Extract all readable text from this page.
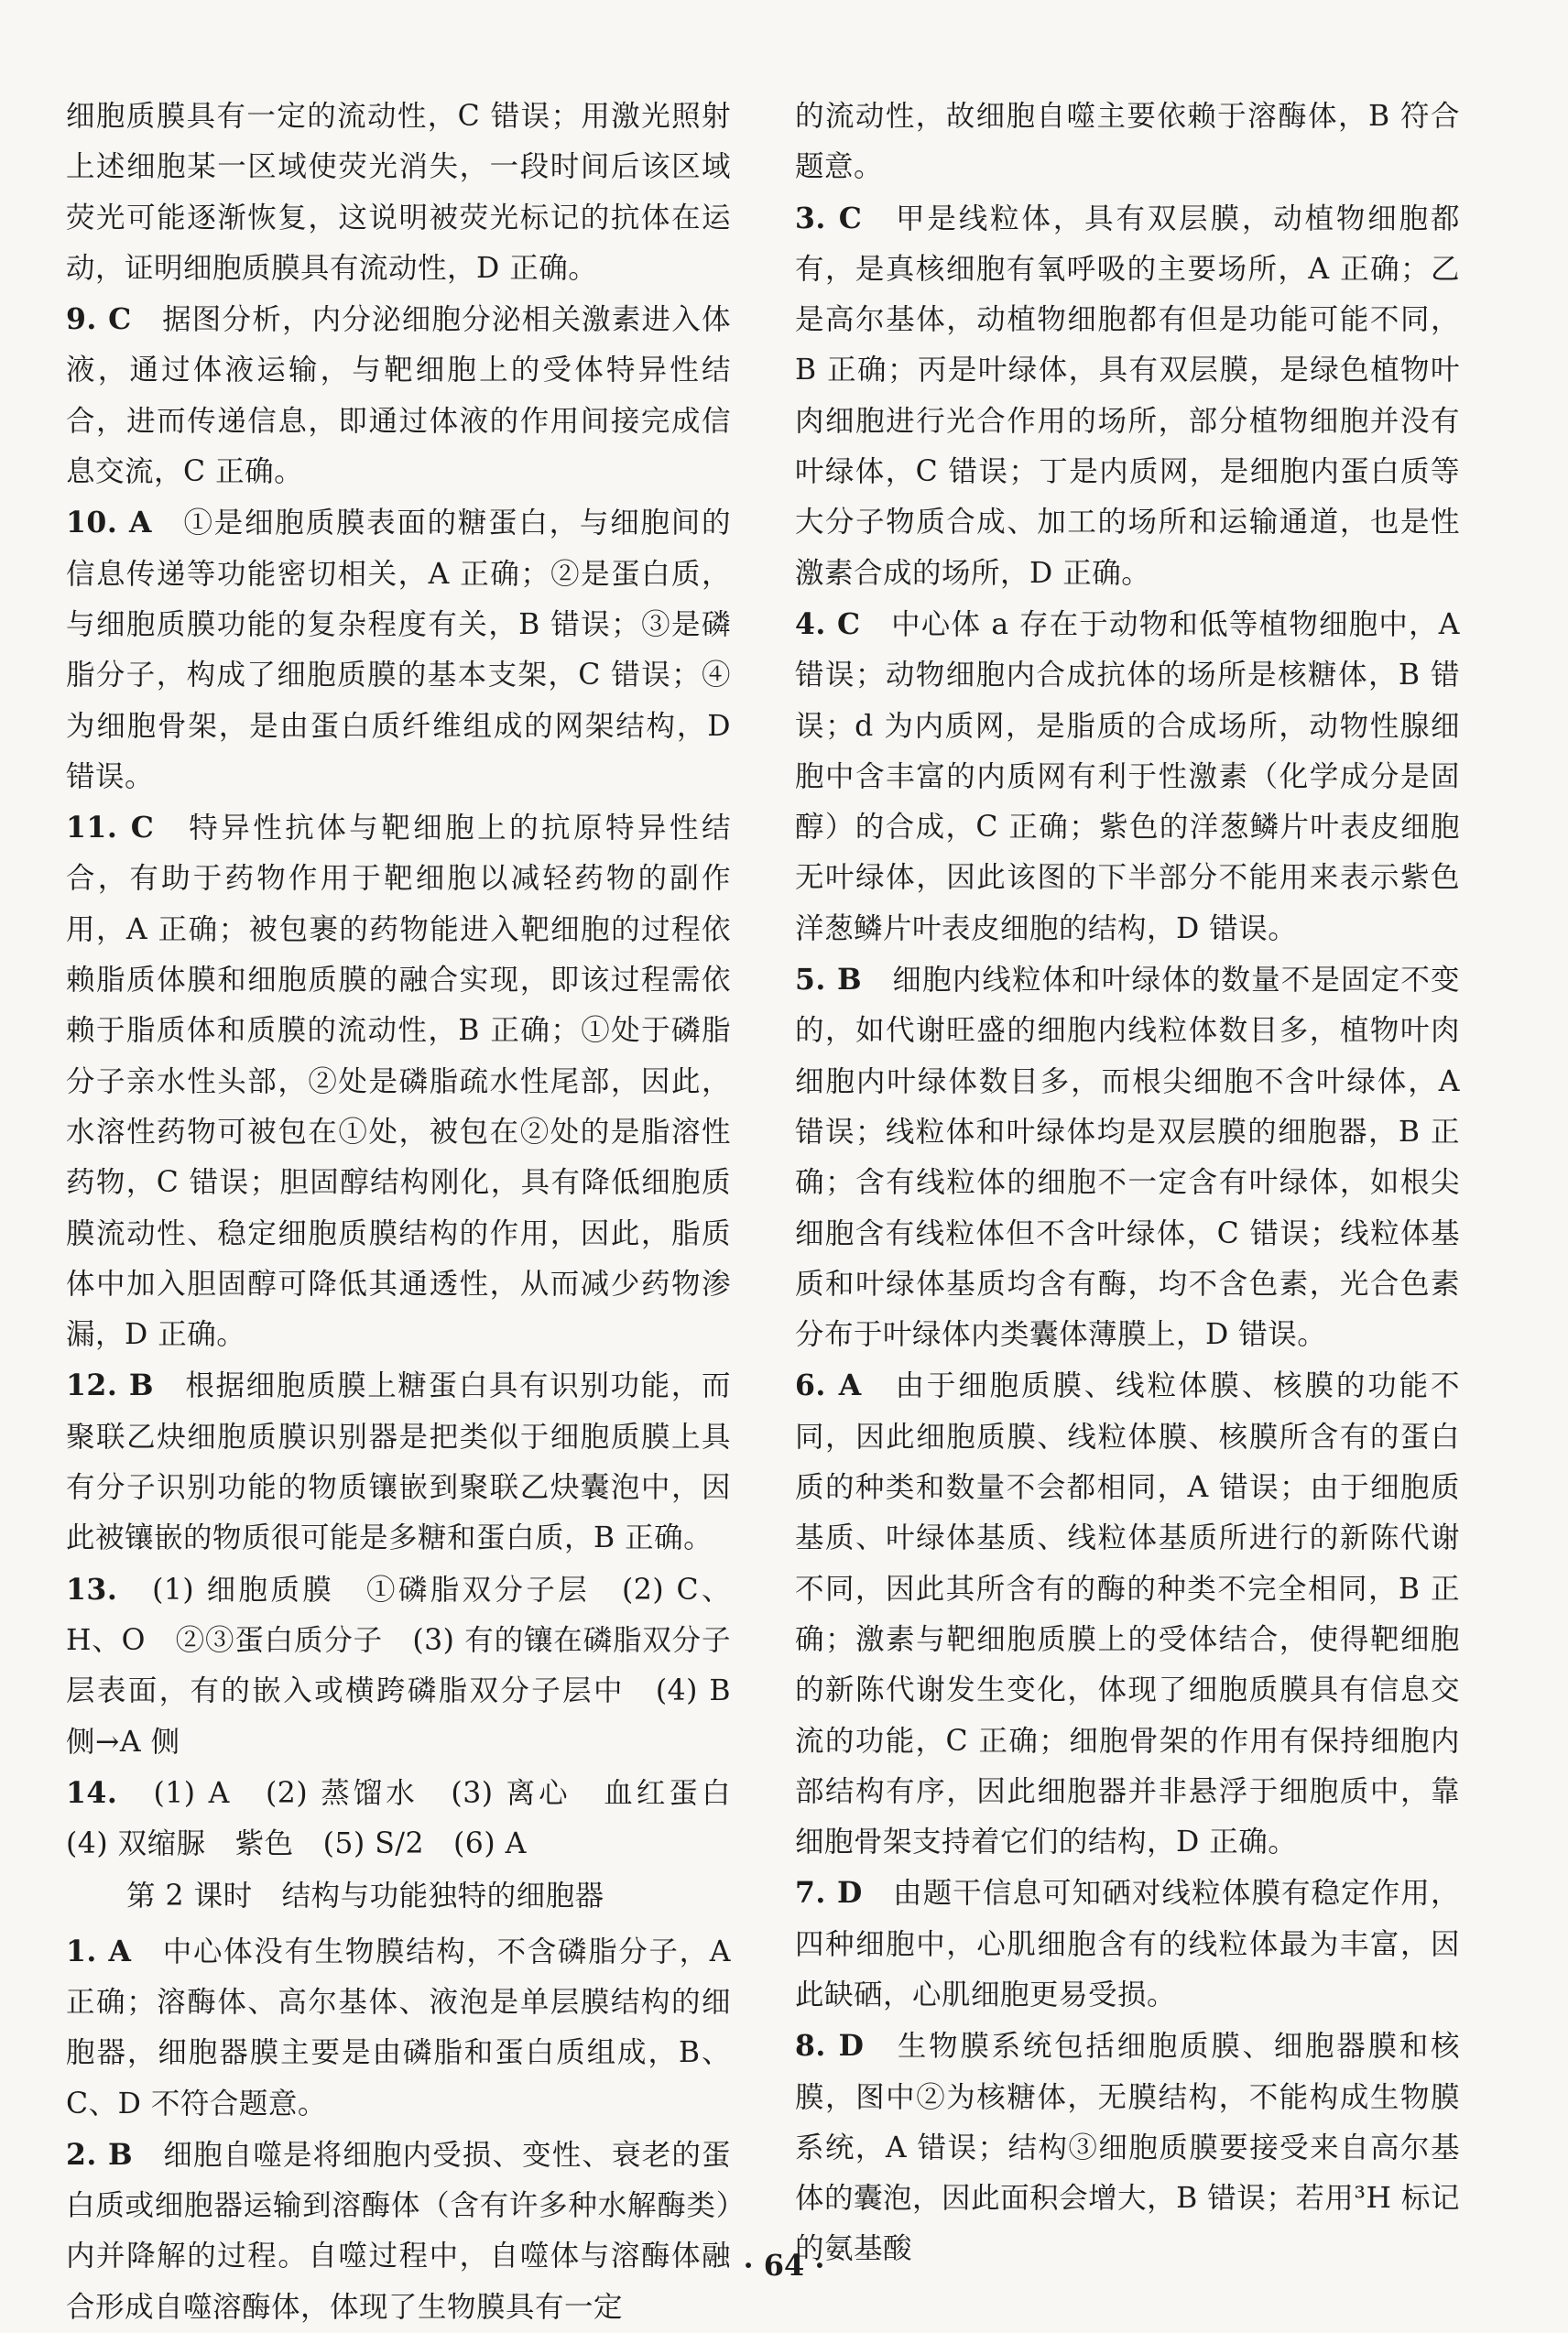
细胞质膜具有一定的流动性，C 错误；用激光照射上述细胞某一区域使荧光消失，一段时间后该区域荧光可能逐渐恢复，这说明被荧光标记的抗体在运动，证明细胞质膜具有流动性，D 正确。

9. C　 据图分析，内分泌细胞分泌相关激素进入体液，通过体液运输，与靶细胞上的受体特异性结合，进而传递信息，即通过体液的作用间接完成信息交流，C 正确。

10. A　 ①是细胞质膜表面的糖蛋白，与细胞间的信息传递等功能密切相关，A 正确；②是蛋白质，与细胞质膜功能的复杂程度有关，B 错误；③是磷脂分子，构成了细胞质膜的基本支架，C 错误；④为细胞骨架，是由蛋白质纤维组成的网架结构，D 错误。

11. C　 特异性抗体与靶细胞上的抗原特异性结合，有助于药物作用于靶细胞以减轻药物的副作用，A 正确；被包裹的药物能进入靶细胞的过程依赖脂质体膜和细胞质膜的融合实现，即该过程需依赖于脂质体和质膜的流动性，B 正确；①处于磷脂分子亲水性头部，②处是磷脂疏水性尾部，因此，水溶性药物可被包在①处，被包在②处的是脂溶性药物，C 错误；胆固醇结构刚化，具有降低细胞质膜流动性、稳定细胞质膜结构的作用，因此，脂质体中加入胆固醇可降低其通透性，从而减少药物渗漏，D 正确。

12. B　 根据细胞质膜上糖蛋白具有识别功能，而聚联乙炔细胞质膜识别器是把类似于细胞质膜上具有分子识别功能的物质镶嵌到聚联乙炔囊泡中，因此被镶嵌的物质很可能是多糖和蛋白质，B 正确。

13.　 (1) 细胞质膜　①磷脂双分子层　(2) C、H、O　②③蛋白质分子　(3) 有的镶在磷脂双分子层表面，有的嵌入或横跨磷脂双分子层中　(4) B 侧→A 侧

14.　 (1) A　(2) 蒸馏水　(3) 离心　血红蛋白　(4) 双缩脲　紫色　(5) S/2　(6) A

第 2 课时　结构与功能独特的细胞器

1. A　 中心体没有生物膜结构，不含磷脂分子，A 正确；溶酶体、高尔基体、液泡是单层膜结构的细胞器，细胞器膜主要是由磷脂和蛋白质组成，B、C、D 不符合题意。

2. B　 细胞自噬是将细胞内受损、变性、衰老的蛋白质或细胞器运输到溶酶体（含有许多种水解酶类）内并降解的过程。自噬过程中，自噬体与溶酶体融合形成自噬溶酶体，体现了生物膜具有一定

的流动性，故细胞自噬主要依赖于溶酶体，B 符合题意。

3. C　 甲是线粒体，具有双层膜，动植物细胞都有，是真核细胞有氧呼吸的主要场所，A 正确；乙是高尔基体，动植物细胞都有但是功能可能不同，B 正确；丙是叶绿体，具有双层膜，是绿色植物叶肉细胞进行光合作用的场所，部分植物细胞并没有叶绿体，C 错误；丁是内质网，是细胞内蛋白质等大分子物质合成、加工的场所和运输通道，也是性激素合成的场所，D 正确。

4. C　 中心体 a 存在于动物和低等植物细胞中，A 错误；动物细胞内合成抗体的场所是核糖体，B 错误；d 为内质网，是脂质的合成场所，动物性腺细胞中含丰富的内质网有利于性激素（化学成分是固醇）的合成，C 正确；紫色的洋葱鳞片叶表皮细胞无叶绿体，因此该图的下半部分不能用来表示紫色洋葱鳞片叶表皮细胞的结构，D 错误。

5. B　 细胞内线粒体和叶绿体的数量不是固定不变的，如代谢旺盛的细胞内线粒体数目多，植物叶肉细胞内叶绿体数目多，而根尖细胞不含叶绿体，A 错误；线粒体和叶绿体均是双层膜的细胞器，B 正确；含有线粒体的细胞不一定含有叶绿体，如根尖细胞含有线粒体但不含叶绿体，C 错误；线粒体基质和叶绿体基质均含有酶，均不含色素，光合色素分布于叶绿体内类囊体薄膜上，D 错误。

6. A　 由于细胞质膜、线粒体膜、核膜的功能不同，因此细胞质膜、线粒体膜、核膜所含有的蛋白质的种类和数量不会都相同，A 错误；由于细胞质基质、叶绿体基质、线粒体基质所进行的新陈代谢不同，因此其所含有的酶的种类不完全相同，B 正确；激素与靶细胞质膜上的受体结合，使得靶细胞的新陈代谢发生变化，体现了细胞质膜具有信息交流的功能，C 正确；细胞骨架的作用有保持细胞内部结构有序，因此细胞器并非悬浮于细胞质中，靠细胞骨架支持着它们的结构，D 正确。

7. D　 由题干信息可知硒对线粒体膜有稳定作用，四种细胞中，心肌细胞含有的线粒体最为丰富，因此缺硒，心肌细胞更易受损。

8. D　 生物膜系统包括细胞质膜、细胞器膜和核膜，图中②为核糖体，无膜结构，不能构成生物膜系统，A 错误；结构③细胞质膜要接受来自高尔基体的囊泡，因此面积会增大，B 错误；若用³H 标记的氨基酸

· 64 ·
